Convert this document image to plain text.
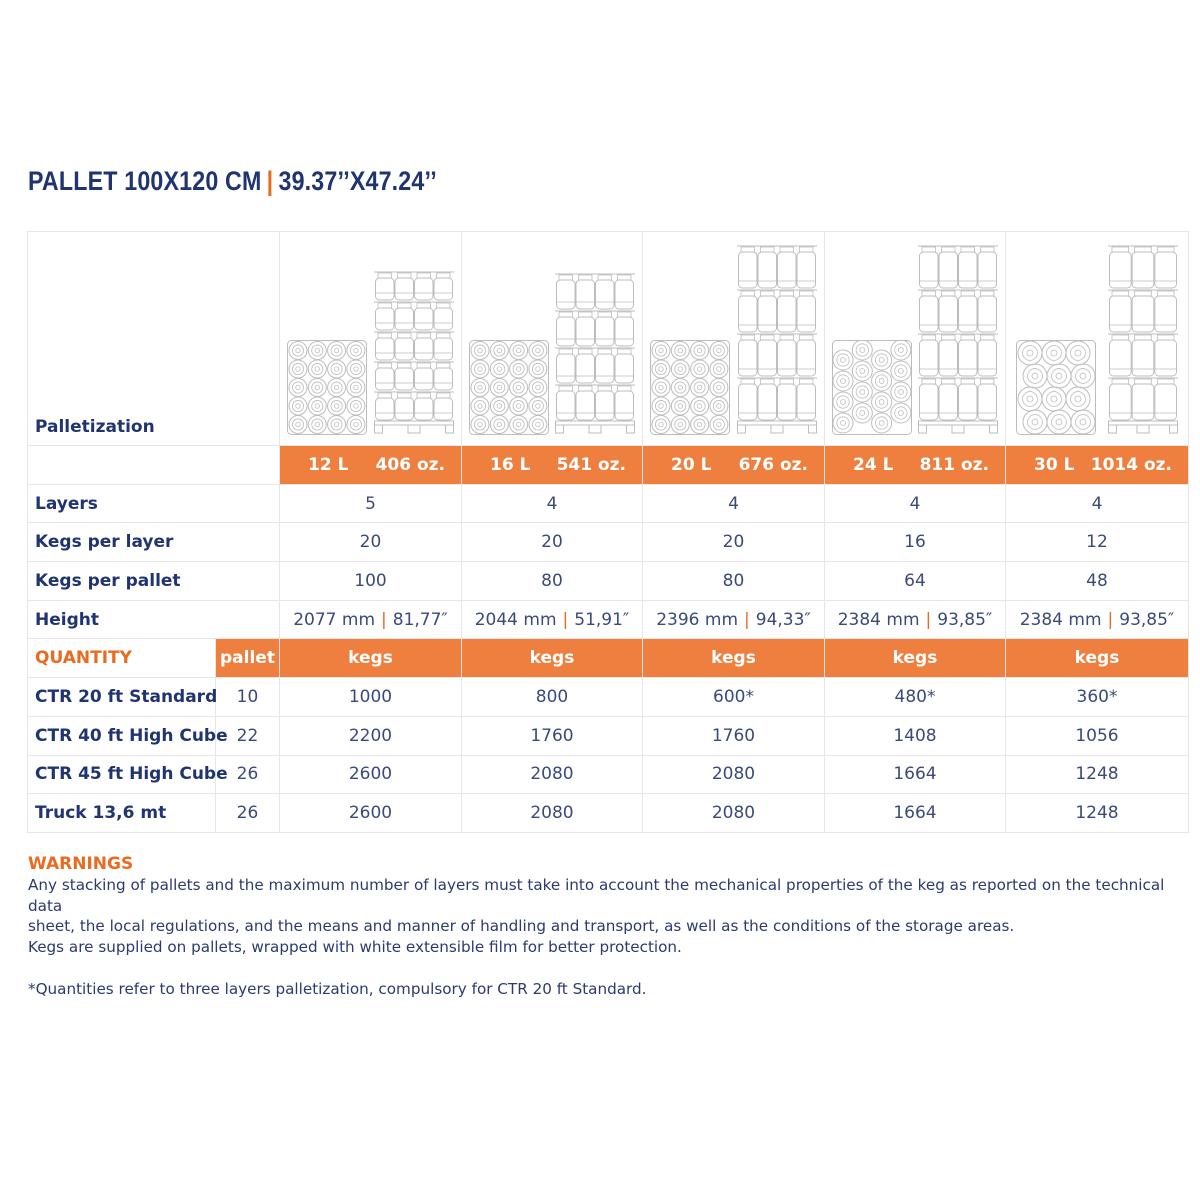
PALLET 100X120 CM | 39.37’’X47.24’’
Palletization	

		12 L 406 oz.	16 L 541 oz.	20 L 676 oz.	24 L 811 oz.	30 L 1014 oz.

Layers		5	4	4	4	4
Kegs per layer		20	20	20	16	12
Kegs per pallet		100	80	80	64	48
Height		2077 mm | 81,77″	2044 mm | 51,91″	2396 mm | 94,33″	2384 mm | 93,85″	2384 mm | 93,85″
QUANTITY	pallet	kegs	kegs	kegs	kegs	kegs
CTR 20 ft Standard	10	1000	800	600*	480*	360*
CTR 40 ft High Cube	22	2200	1760	1760	1408	1056
CTR 45 ft High Cube	26	2600	2080	2080	1664	1248
Truck 13,6 mt	26	2600	2080	2080	1664	1248
WARNINGS

Any stacking of pallets and the maximum number of layers must take into account the mechanical properties of the keg as reported on the technical data

sheet, the local regulations, and the means and manner of handling and transport, as well as the conditions of the storage areas.

Kegs are supplied on pallets, wrapped with white extensible film for better protection.

*Quantities refer to three layers palletization, compulsory for CTR 20 ft Standard.
